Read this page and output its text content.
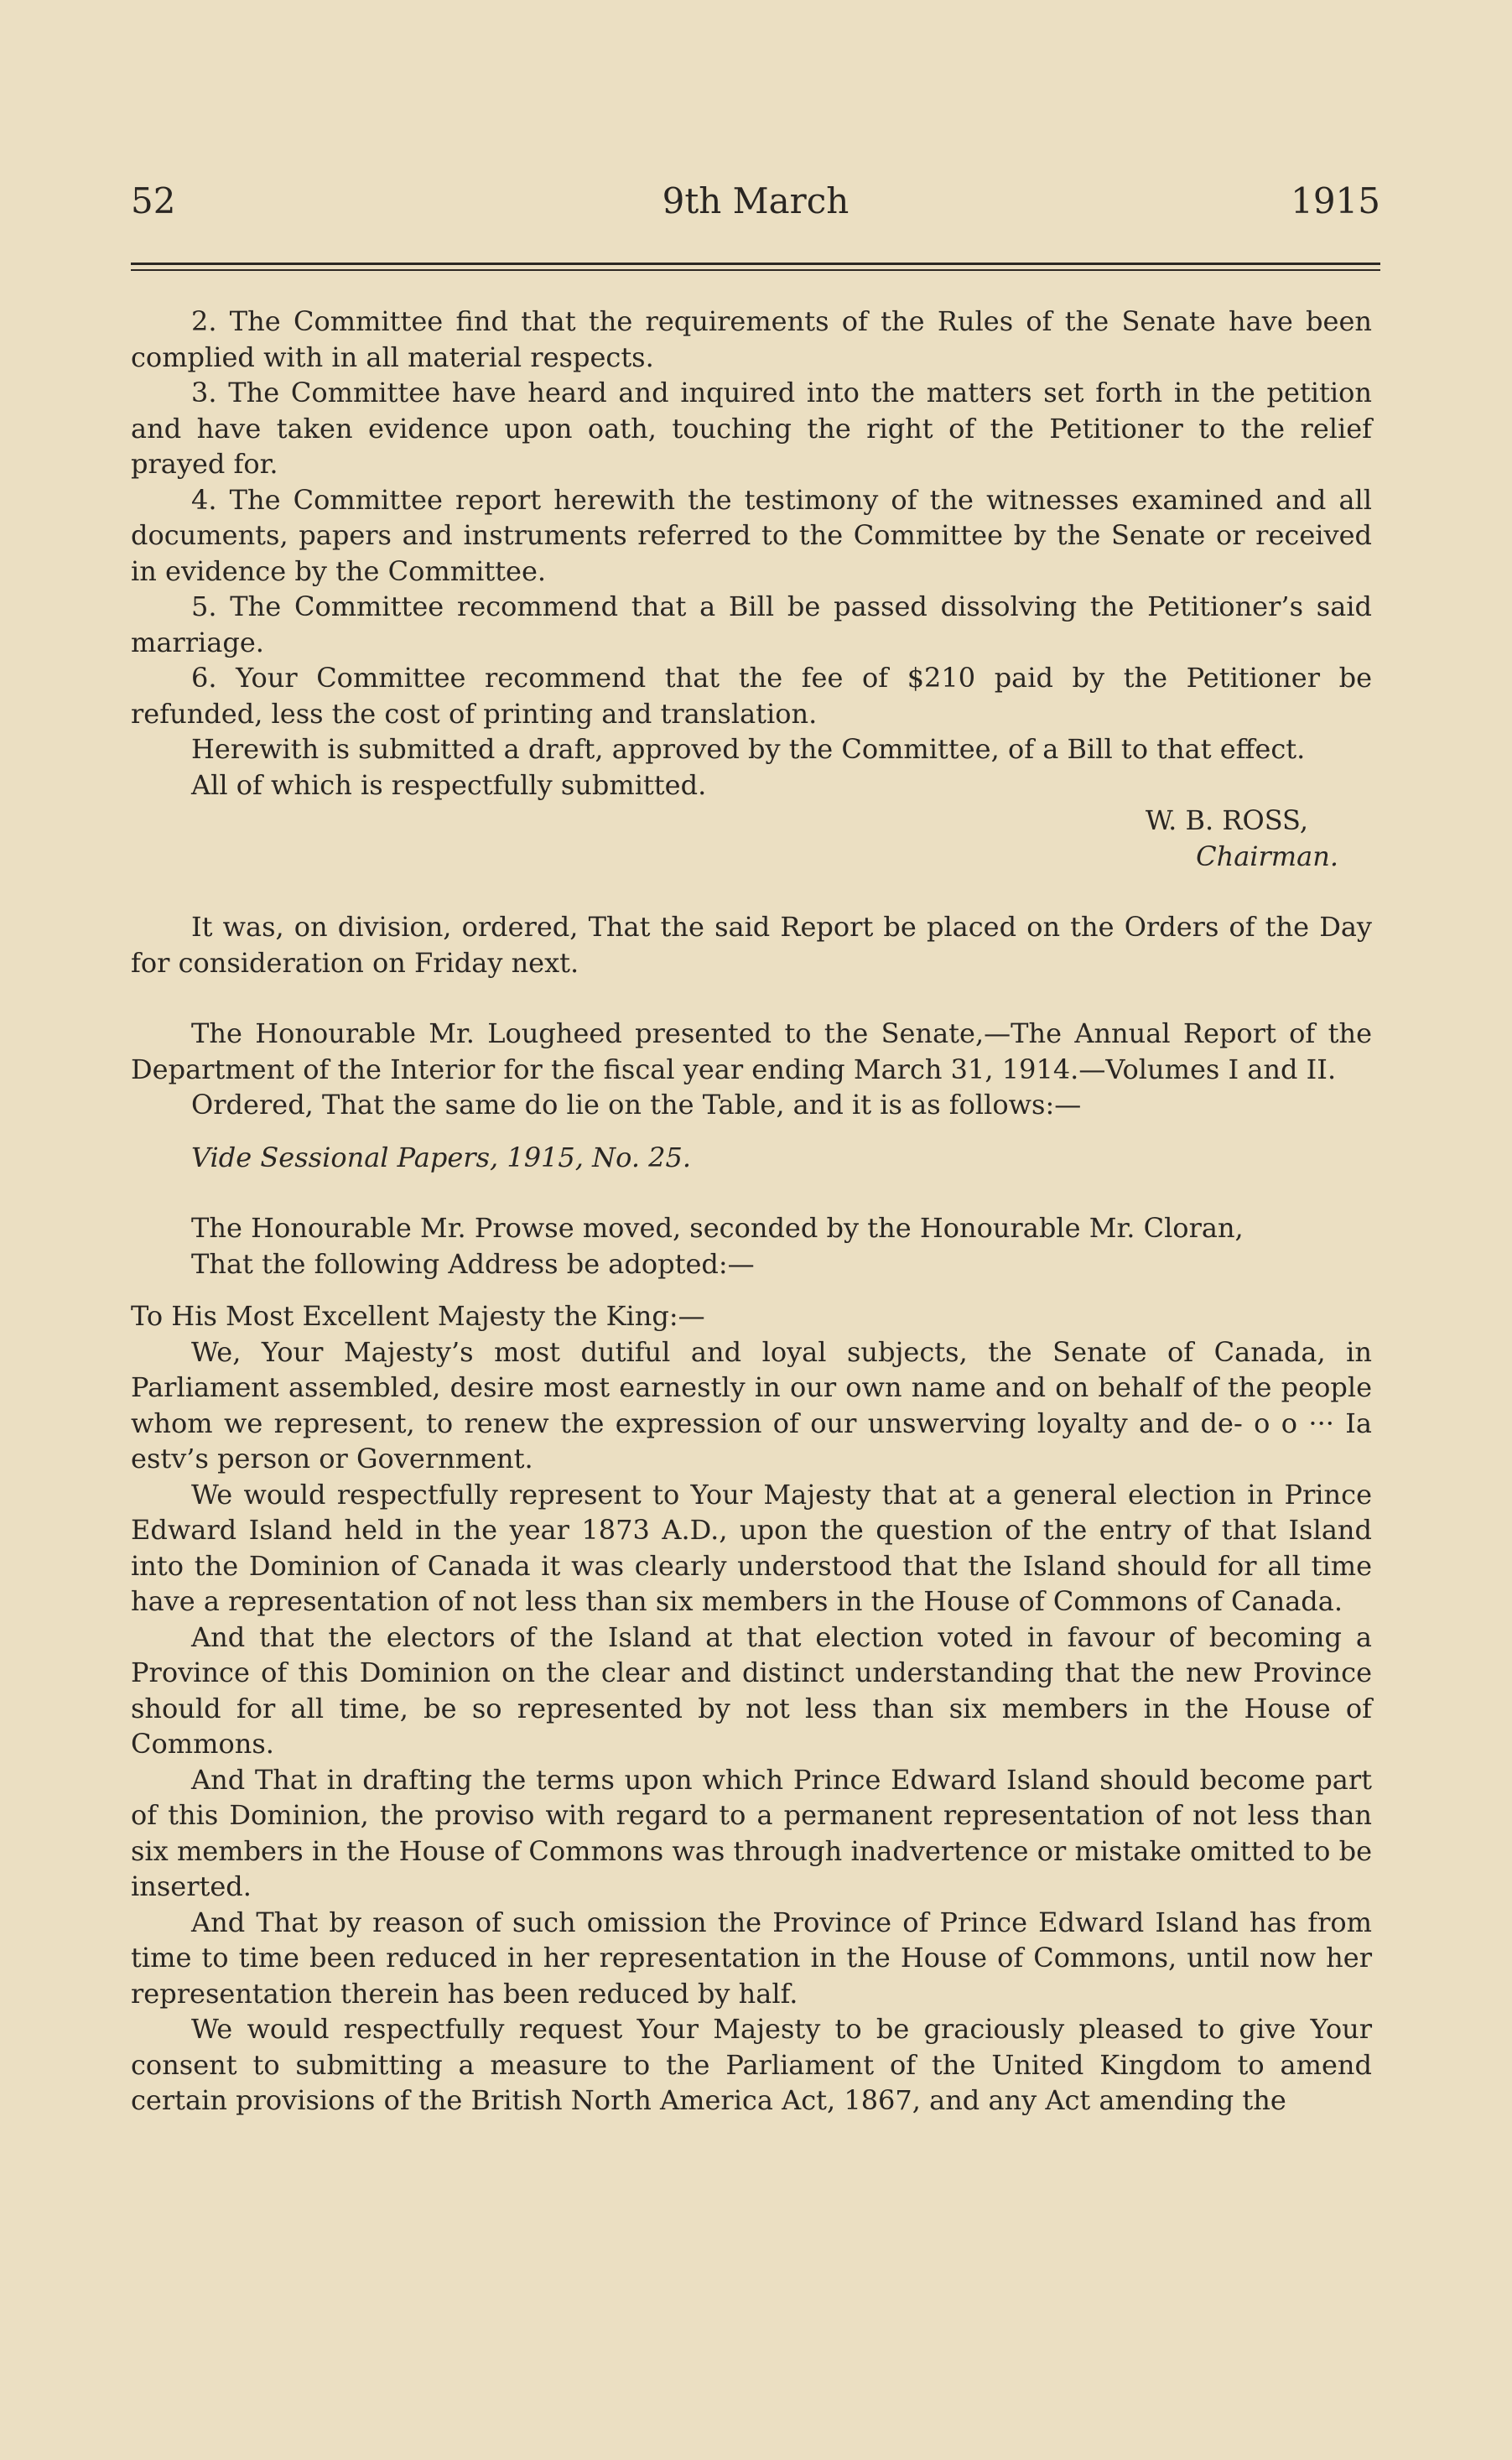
52	9th March	1915

2. The Committee find that the requirements of the Rules of the Senate have been complied with in all material respects.

3. The Committee have heard and inquired into the matters set forth in the petition and have taken evidence upon oath, touching the right of the Petitioner to the relief prayed for.

4. The Committee report herewith the testimony of the witnesses examined and all documents, papers and instruments referred to the Committee by the Senate or received in evidence by the Committee.

5. The Committee recommend that a Bill be passed dissolving the Petitioner’s said marriage.

6. Your Committee recommend that the fee of $210 paid by the Petitioner be refunded, less the cost of printing and translation.

Herewith is submitted a draft, approved by the Committee, of a Bill to that effect.

All of which is respectfully submitted.

W. B. ROSS,
Chairman.

It was, on division, ordered, That the said Report be placed on the Orders of the Day for consideration on Friday next.

The Honourable Mr. Lougheed presented to the Senate,—The Annual Report of the Department of the Interior for the fiscal year ending March 31, 1914.—Volumes I and II.

Ordered, That the same do lie on the Table, and it is as follows:—

Vide Sessional Papers, 1915, No. 25.

The Honourable Mr. Prowse moved, seconded by the Honourable Mr. Cloran,

That the following Address be adopted:—

To His Most Excellent Majesty the King:—

We, Your Majesty’s most dutiful and loyal subjects, the Senate of Canada, in Parliament assembled, desire most earnestly in our own name and on behalf of the people whom we represent, to renew the expression of our unswerving loyalty and de- o o ··· Ia estv’s person or Government.

We would respectfully represent to Your Majesty that at a general election in Prince Edward Island held in the year 1873 A.D., upon the question of the entry of that Island into the Dominion of Canada it was clearly understood that the Island should for all time have a representation of not less than six members in the House of Commons of Canada.

And that the electors of the Island at that election voted in favour of becoming a Province of this Dominion on the clear and distinct understanding that the new Province should for all time, be so represented by not less than six members in the House of Commons.

And That in drafting the terms upon which Prince Edward Island should become part of this Dominion, the proviso with regard to a permanent representation of not less than six members in the House of Commons was through inadvertence or mistake omitted to be inserted.

And That by reason of such omission the Province of Prince Edward Island has from time to time been reduced in her representation in the House of Commons, until now her representation therein has been reduced by half.

We would respectfully request Your Majesty to be graciously pleased to give Your consent to submitting a measure to the Parliament of the United Kingdom to amend certain provisions of the British North America Act, 1867, and any Act amending the
